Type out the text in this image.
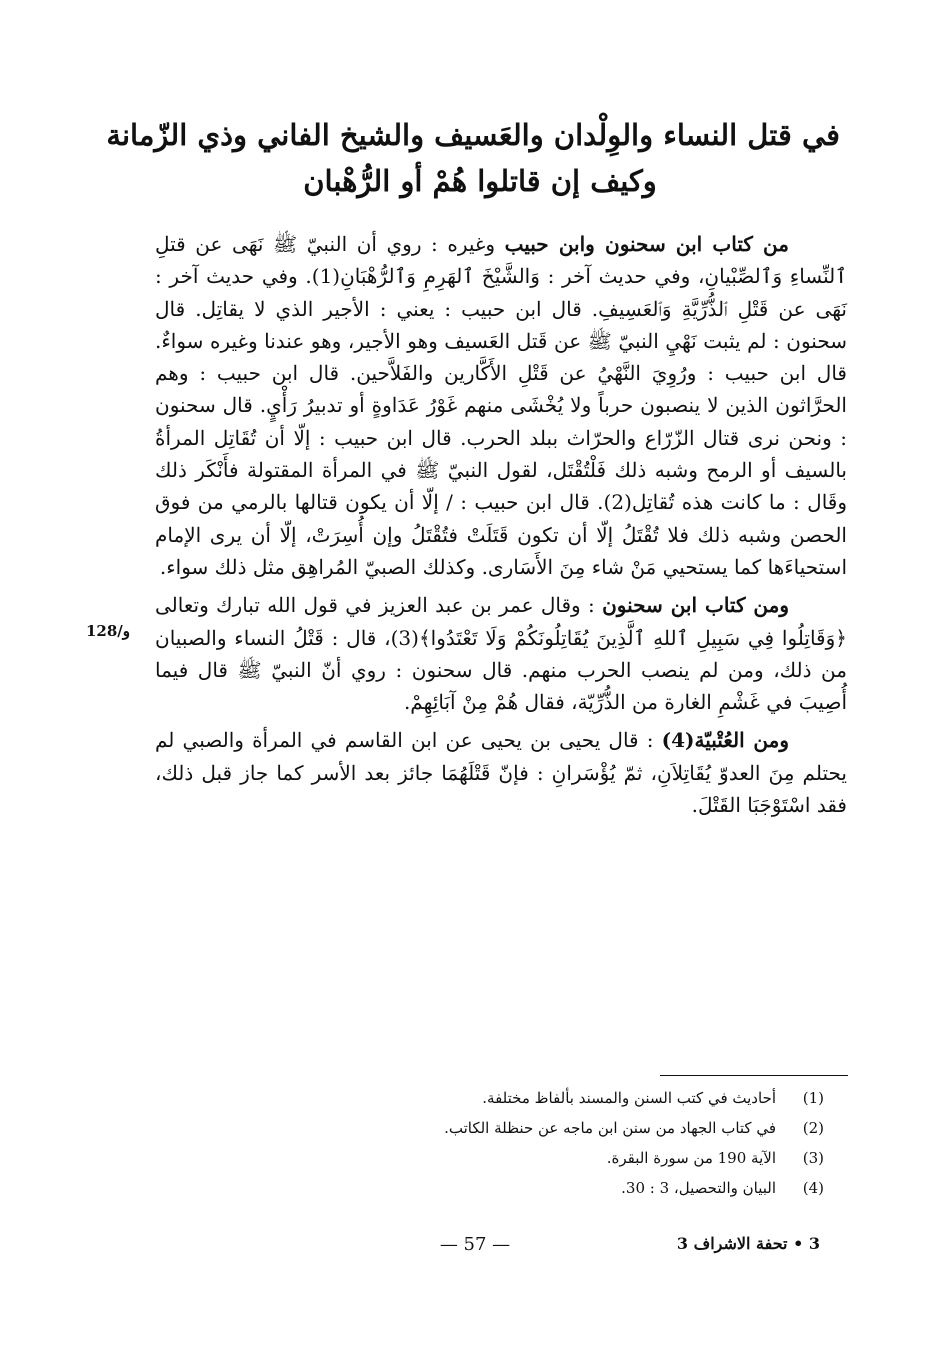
في قتل النساء والوِلْدان والعَسيف والشيخ الفاني وذي الزّمانة
وكيف إن قاتلوا هُمْ أو الرُّهْبان

من كتاب ابن سحنون وابن حبيب وغيره : روي أن النبيّ ﷺ نَهَى عن قتلِ ٱلنِّساءِ وَٱلصِّبْيانِ، وفي حديث آخر : وَالشَّيْخَ ٱلهَرِمِ وَٱلرُّهْبَانِ(1). وفي حديث آخر : نَهَى عن قَتْلِ ٱلذُّرِّيَّةِ وَٱلعَسِيفِ. قال ابن حبيب : يعني : الأجير الذي لا يقاتِل. قال سحنون : لم يثبت نَهْيِ النبيّ ﷺ عن قَتل العَسيف وهو الأجير، وهو عندنا وغيره سواءٌ. قال ابن حبيب : ورُوِيَ النَّهْيُ عن قَتْلِ الأَكَّارين والفَلاَّحين. قال ابن حبيب : وهم الحرَّاثون الذين لا ينصبون حرباً ولا يُخْشَى منهم غَوْرُ عَدَاوةٍ أو تدبيرُ رَأْيٍ. قال سحنون : ونحن نرى قتال الزّرّاع والحرّاث ببلد الحرب. قال ابن حبيب : إلّا أن تُقَاتِل المرأةُ بالسيف أو الرمح وشبه ذلك فَلْتُقْتَل، لقول النبيّ ﷺ في المرأة المقتولة فأَنْكَر ذلك وقَال : ما كانت هذه تُقاتِل(2). قال ابن حبيب : / إلّا أن يكون قتالها بالرمي من فوق الحصن وشبه ذلك فلا تُقْتَلُ إلّا أن تكون قَتَلَتْ فتُقْتَلُ وإن أُسِرَتْ، إلّا أن يرى الإمام استحياءَها كما يستحيي مَنْ شاء مِنَ الأَسَارى. وكذلك الصبيّ المُراهِق مثل ذلك سواء.

ومن كتاب ابن سحنون : وقال عمر بن عبد العزيز في قول الله تبارك وتعالى ﴿وَقَاتِلُوا فِي سَبِيلِ ٱللهِ ٱلَّذِينَ يُقَاتِلُونَكُمْ وَلَا تَعْتَدُوا﴾(3)، قال : قَتْلُ النساء والصبيان من ذلك، ومن لم ينصب الحرب منهم. قال سحنون : روي أنّ النبيّ ﷺ قال فيما أُصِيبَ في غَشْمِ الغارة من الذُّرِّيّة، فقال هُمْ مِنْ آبَائِهِمْ.

ومن العُتْبيّة(4) : قال يحيى بن يحيى عن ابن القاسم في المرأة والصبي لم يحتلم مِنَ العدوّ يُقَاتِلاَنِ، ثمّ يُؤْسَرانِ : فإنّ قَتْلَهُمَا جائز بعد الأسر كما جاز قبل ذلك، فقد اسْتَوْجَبَا القَتْلَ.

128/و
(1)
أحاديث في كتب السنن والمسند بألفاظ مختلفة.
(2)
في كتاب الجهاد من سنن ابن ماجه عن حنظلة الكاتب.
(3)
الآية 190 من سورة البقرة.
(4)
البيان والتحصيل، 3 : 30.
— 57 —	3 • تحفة الاشراف 3
